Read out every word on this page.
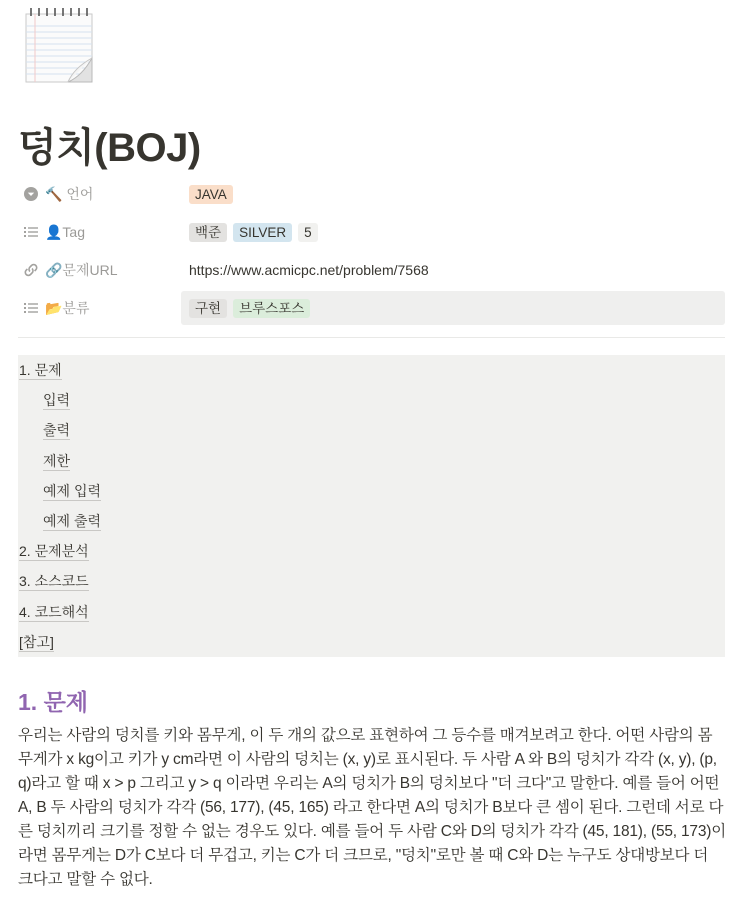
덩치(BOJ)
🔨 언어	JAVA
👤Tag	백준	SILVER	5
🔗문제URL	https://www.acmicpc.net/problem/7568
📂분류	구현	브루스포스
1. 문제
입력
출력
제한
예제 입력
예제 출력
2. 문제분석
3. 소스코드
4. 코드해석
[참고]
1. 문제

우리는 사람의 덩치를 키와 몸무게, 이 두 개의 값으로 표현하여 그 등수를 매겨보려고 한다. 어떤 사람의 몸무게가 x kg이고 키가 y cm라면 이 사람의 덩치는 (x, y)로 표시된다. 두 사람 A 와 B의 덩치가 각각 (x, y), (p, q)라고 할 때 x > p 그리고 y > q 이라면 우리는 A의 덩치가 B의 덩치보다 "더 크다"고 말한다. 예를 들어 어떤 A, B 두 사람의 덩치가 각각 (56, 177), (45, 165) 라고 한다면 A의 덩치가 B보다 큰 셈이 된다. 그런데 서로 다른 덩치끼리 크기를 정할 수 없는 경우도 있다. 예를 들어 두 사람 C와 D의 덩치가 각각 (45, 181), (55, 173)이라면 몸무게는 D가 C보다 더 무겁고, 키는 C가 더 크므로, "덩치"로만 볼 때 C와 D는 누구도 상대방보다 더 크다고 말할 수 없다.
